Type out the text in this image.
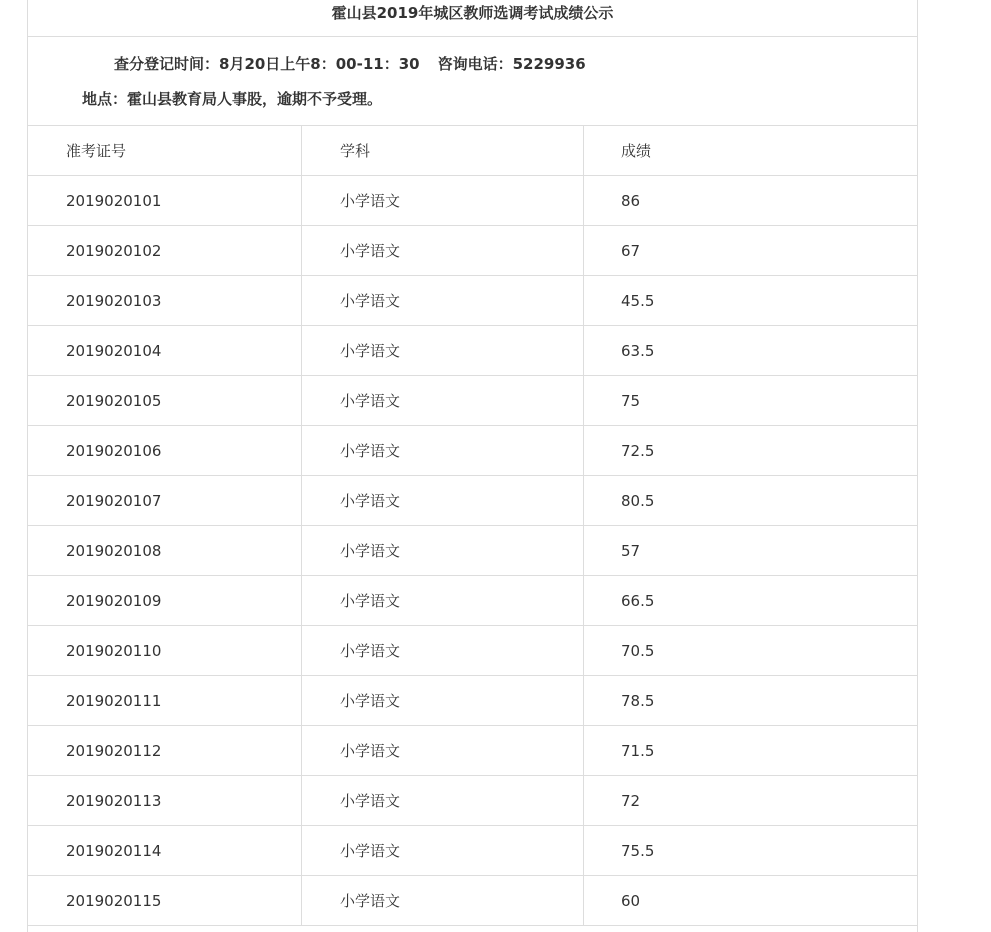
霍山县2019年城区教师选调考试成绩公示
查分登记时间：8月20日上午8：00-11：30 咨询电话：5229936
地点：霍山县教育局人事股，逾期不予受理。
准考证号	学科	成绩
2019020101	小学语文	86
2019020102	小学语文	67
2019020103	小学语文	45.5
2019020104	小学语文	63.5
2019020105	小学语文	75
2019020106	小学语文	72.5
2019020107	小学语文	80.5
2019020108	小学语文	57
2019020109	小学语文	66.5
2019020110	小学语文	70.5
2019020111	小学语文	78.5
2019020112	小学语文	71.5
2019020113	小学语文	72
2019020114	小学语文	75.5
2019020115	小学语文	60
